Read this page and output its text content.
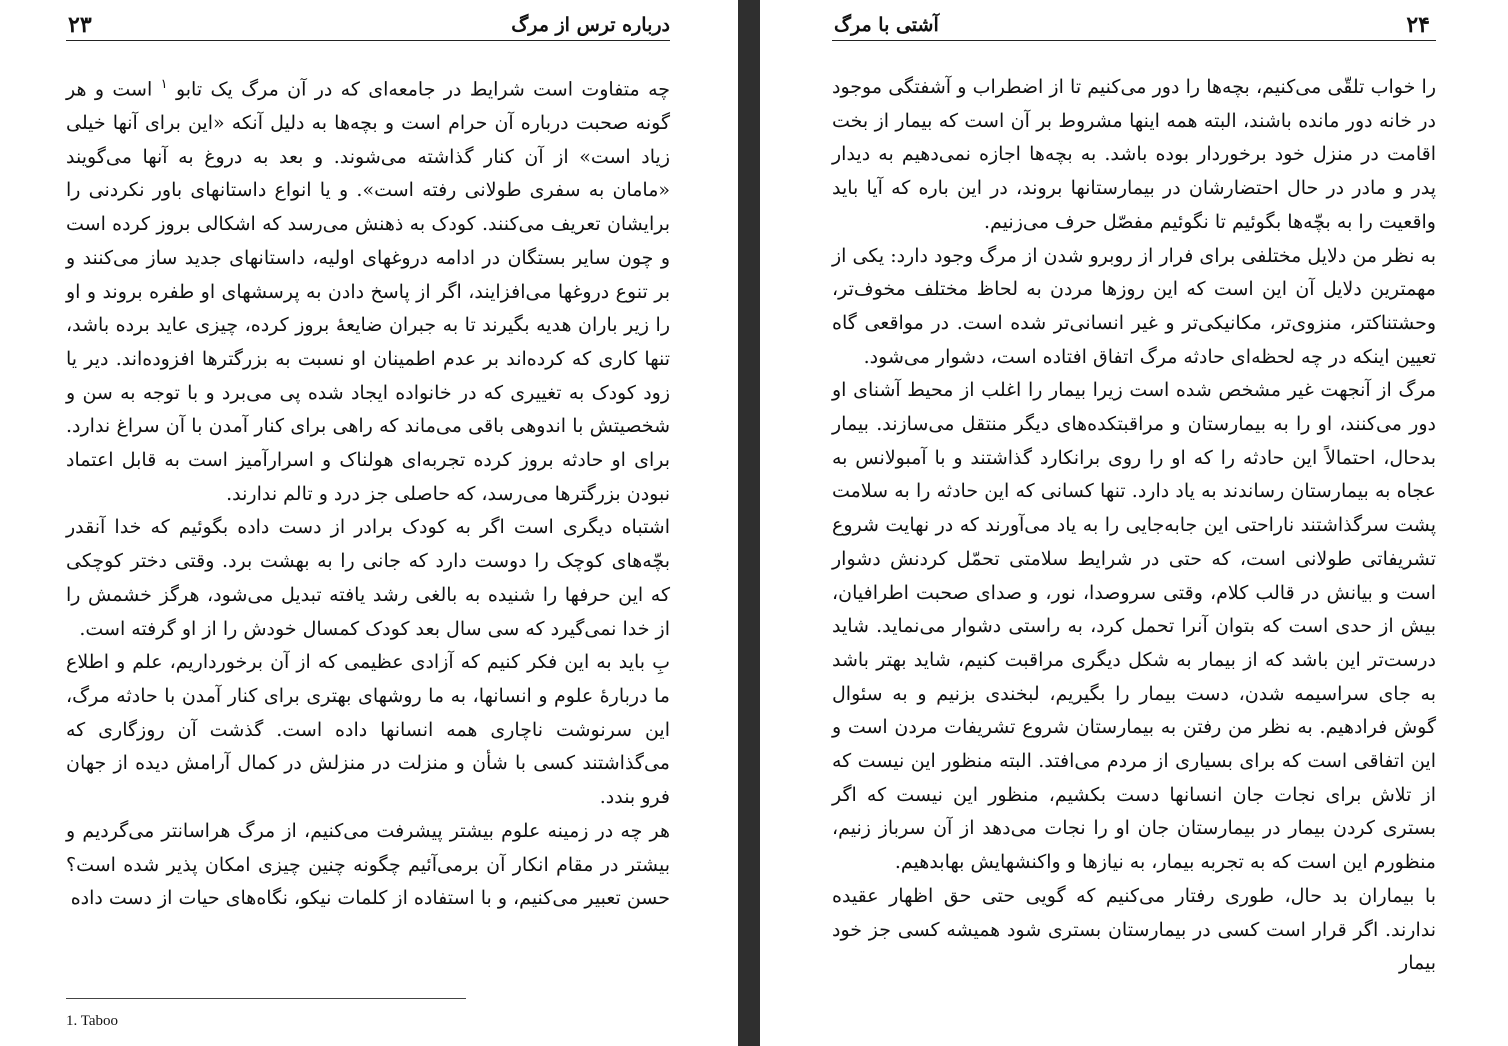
درباره ترس از مرگ
۲۳

چه متفاوت است شرایط در جامعه‌ای که در آن مرگ یک تابو $^۱$ است و هر گونه صحبت درباره آن حرام است و بچه‌ها به دلیل آنکه «این برای آنها خیلی زیاد است» از آن کنار گذاشته می‌شوند. و بعد به دروغ به آنها می‌گویند «مامان به سفری طولانی رفته است». و یا انواع داستانهای باور نکردنی را برایشان تعریف می‌کنند. کودک به ذهنش می‌رسد که اشکالی بروز کرده است و چون سایر بستگان در ادامه دروغهای اولیه، داستانهای جدید ساز می‌کنند و بر تنوع دروغها می‌افزایند، اگر از پاسخ دادن به پرسشهای او طفره بروند و او را زیر باران هدیه بگیرند تا به جبران ضایعهٔ بروز کرده، چیزی عاید برده باشد، تنها کاری که کرده‌اند بر عدم اطمینان او نسبت به بزرگترها افزوده‌اند. دیر یا زود کودک به تغییری که در خانواده ایجاد شده پی می‌برد و با توجه به سن و شخصیتش با اندوهی باقی می‌ماند که راهی برای کنار آمدن با آن سراغ ندارد. برای او حادثه بروز کرده تجربه‌ای هولناک و اسرارآمیز است به قابل اعتماد نبودن بزرگترها می‌رسد، که حاصلی جز درد و تالم ندارند.

اشتباه دیگری است اگر به کودک برادر از دست داده بگوئیم که خدا آنقدر بچّه‌های کوچک را دوست دارد که جانی را به بهشت برد. وقتی دختر کوچکی که این حرفها را شنیده به بالغی رشد یافته تبدیل می‌شود، هرگز خشمش را از خدا نمی‌گیرد که سی سال بعد کودک کمسال خودش را از او گرفته است.

بِ باید به این فکر کنیم که آزادی عظیمی که از آن برخورداریم، علم و اطلاع ما دربارهٔ علوم و انسانها، به ما روشهای بهتری برای کنار آمدن با حادثه مرگ، این سرنوشت ناچاری همه انسانها داده است. گذشت آن روزگاری که می‌گذاشتند کسی با شأن و منزلت در منزلش در کمال آرامش دیده از جهان فرو بندد.

هر چه در زمینه علوم بیشتر پیشرفت می‌کنیم، از مرگ هراسانتر می‌گردیم و بیشتر در مقام انکار آن برمی‌آئیم چگونه چنین چیزی امکان پذیر شده است؟ حسن تعبیر می‌کنیم، و با استفاده از کلمات نیکو، نگاه‌های حیات از دست داده

1. Taboo
آشتی با مرگ	۲۴

را خواب تلقّی می‌کنیم، بچه‌ها را دور می‌کنیم تا از اضطراب و آشفتگی موجود در خانه دور مانده باشند، البته همه اینها مشروط بر آن است که بیمار از بخت اقامت در منزل خود برخوردار بوده باشد. به بچه‌ها اجازه نمی‌دهیم به دیدار پدر و مادر در حال احتضارشان در بیمارستانها بروند، در این باره که آیا باید واقعیت را به بچّه‌ها بگوئیم تا نگوئیم مفصّل حرف می‌زنیم.

به نظر من دلایل مختلفی برای فرار از روبرو شدن از مرگ وجود دارد: یکی از مهمترین دلایل آن این است که این روزها مردن به لحاظ مختلف مخوف‌تر، وحشتناکتر، منزوی‌تر، مکانیکی‌تر و غیر انسانی‌تر شده است. در مواقعی گاه تعیین اینکه در چه لحظه‌ای حادثه مرگ اتفاق افتاده است، دشوار می‌شود.

مرگ از آنجهت غیر مشخص شده است زیرا بیمار را اغلب از محیط آشنای او دور می‌کنند، او را به بیمارستان و مراقبتکده‌های دیگر منتقل می‌سازند. بیمار بدحال، احتمالاً این حادثه را که او را روی برانکارد گذاشتند و با آمبولانس به عجاه به بیمارستان رساندند به یاد دارد. تنها کسانی که این حادثه را به سلامت پشت سرگذاشتند ناراحتی این جابه‌جایی را به یاد می‌آورند که در نهایت شروع تشریفاتی طولانی است، که حتی در شرایط سلامتی تحمّل کردنش دشوار است و بیانش در قالب کلام، وقتی سروصدا، نور، و صدای صحبت اطرافیان، بیش از حدی است که بتوان آنرا تحمل کرد، به راستی دشوار می‌نماید. شاید درست‌تر این باشد که از بیمار به شکل دیگری مراقبت کنیم، شاید بهتر باشد به جای سراسیمه شدن، دست بیمار را بگیریم، لبخندی بزنیم و به سئوال گوش فرادهیم. به نظر من رفتن به بیمارستان شروع تشریفات مردن است و این اتفاقی است که برای بسیاری از مردم می‌افتد. البته منظور این نیست که از تلاش برای نجات جان انسانها دست بکشیم، منظور این نیست که اگر بستری کردن بیمار در بیمارستان جان او را نجات می‌دهد از آن سرباز زنیم، منظورم این است که به تجربه بیمار، به نیازها و واکنشهایش بهابدهیم.

با بیماران بد حال، طوری رفتار می‌کنیم که گویی حتی حق اظهار عقیده ندارند. اگر قرار است کسی در بیمارستان بستری شود همیشه کسی جز خود بیمار
